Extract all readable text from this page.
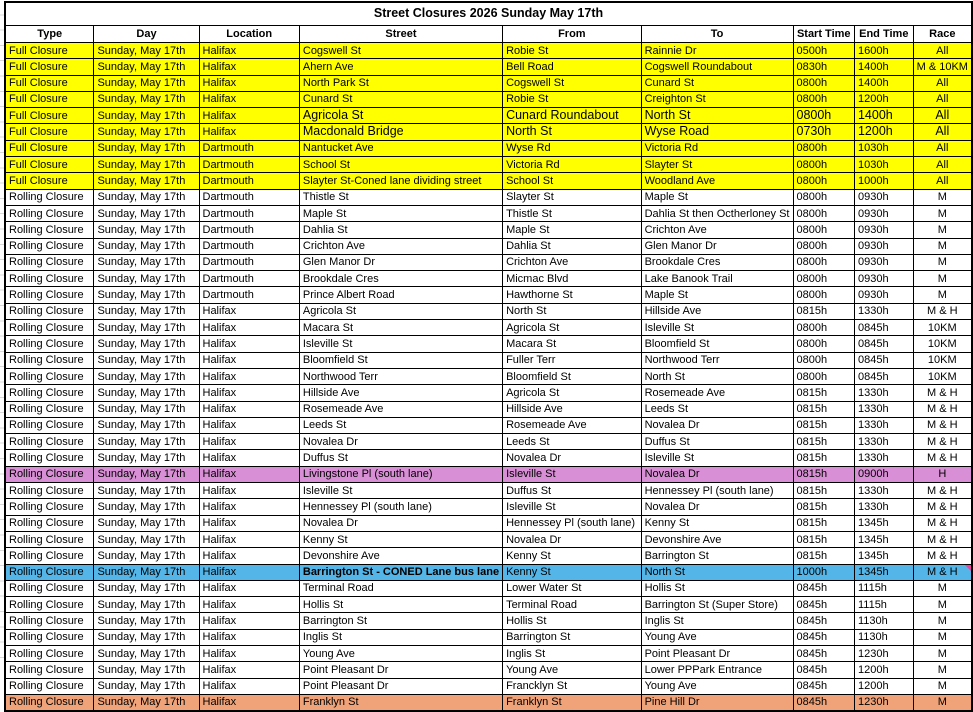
Street Closures 2026 Sunday May 17th								
Type	Day	Location	Street	From	To	Start Time	End Time	Race
Full Closure	Sunday, May 17th	Halifax	Cogswell St	Robie St	Rainnie Dr	0500h	1600h	All
Full Closure	Sunday, May 17th	Halifax	Ahern Ave	Bell Road	Cogswell Roundabout	0830h	1400h	M & 10KM
Full Closure	Sunday, May 17th	Halifax	North Park St	Cogswell St	Cunard St	0800h	1400h	All
Full Closure	Sunday, May 17th	Halifax	Cunard St	Robie St	Creighton St	0800h	1200h	All
Full Closure	Sunday, May 17th	Halifax	Agricola St	Cunard Roundabout	North St	0800h	1400h	All
Full Closure	Sunday, May 17th	Halifax	Macdonald Bridge	North St	Wyse Road	0730h	1200h	All
Full Closure	Sunday, May 17th	Dartmouth	Nantucket Ave	Wyse Rd	Victoria Rd	0800h	1030h	All
Full Closure	Sunday, May 17th	Dartmouth	School St	Victoria Rd	Slayter St	0800h	1030h	All
Full Closure	Sunday, May 17th	Dartmouth	Slayter St-Coned lane dividing street	School St	Woodland Ave	0800h	1000h	All
Rolling Closure	Sunday, May 17th	Dartmouth	Thistle St	Slayter St	Maple St	0800h	0930h	M
Rolling Closure	Sunday, May 17th	Dartmouth	Maple St	Thistle St	Dahlia St then Octherloney St	0800h	0930h	M
Rolling Closure	Sunday, May 17th	Dartmouth	Dahlia St	Maple St	Crichton Ave	0800h	0930h	M
Rolling Closure	Sunday, May 17th	Dartmouth	Crichton Ave	Dahlia St	Glen Manor Dr	0800h	0930h	M
Rolling Closure	Sunday, May 17th	Dartmouth	Glen Manor Dr	Crichton Ave	Brookdale Cres	0800h	0930h	M
Rolling Closure	Sunday, May 17th	Dartmouth	Brookdale Cres	Micmac Blvd	Lake Banook Trail	0800h	0930h	M
Rolling Closure	Sunday, May 17th	Dartmouth	Prince Albert Road	Hawthorne St	Maple St	0800h	0930h	M
Rolling Closure	Sunday, May 17th	Halifax	Agricola St	North St	Hillside Ave	0815h	1330h	M & H
Rolling Closure	Sunday, May 17th	Halifax	Macara St	Agricola St	Isleville St	0800h	0845h	10KM
Rolling Closure	Sunday, May 17th	Halifax	Isleville St	Macara St	Bloomfield St	0800h	0845h	10KM
Rolling Closure	Sunday, May 17th	Halifax	Bloomfield St	Fuller Terr	Northwood Terr	0800h	0845h	10KM
Rolling Closure	Sunday, May 17th	Halifax	Northwood Terr	Bloomfield St	North St	0800h	0845h	10KM
Rolling Closure	Sunday, May 17th	Halifax	Hillside Ave	Agricola St	Rosemeade Ave	0815h	1330h	M & H
Rolling Closure	Sunday, May 17th	Halifax	Rosemeade Ave	Hillside Ave	Leeds St	0815h	1330h	M & H
Rolling Closure	Sunday, May 17th	Halifax	Leeds St	Rosemeade Ave	Novalea Dr	0815h	1330h	M & H
Rolling Closure	Sunday, May 17th	Halifax	Novalea Dr	Leeds St	Duffus St	0815h	1330h	M & H
Rolling Closure	Sunday, May 17th	Halifax	Duffus St	Novalea Dr	Isleville St	0815h	1330h	M & H
Rolling Closure	Sunday, May 17th	Halifax	Livingstone Pl (south lane)	Isleville St	Novalea Dr	0815h	0900h	H
Rolling Closure	Sunday, May 17th	Halifax	Isleville St	Duffus St	Hennessey Pl (south lane)	0815h	1330h	M & H
Rolling Closure	Sunday, May 17th	Halifax	Hennessey Pl (south lane)	Isleville St	Novalea Dr	0815h	1330h	M & H
Rolling Closure	Sunday, May 17th	Halifax	Novalea Dr	Hennessey Pl (south lane)	Kenny St	0815h	1345h	M & H
Rolling Closure	Sunday, May 17th	Halifax	Kenny St	Novalea Dr	Devonshire Ave	0815h	1345h	M & H
Rolling Closure	Sunday, May 17th	Halifax	Devonshire Ave	Kenny St	Barrington St	0815h	1345h	M & H
Rolling Closure	Sunday, May 17th	Halifax	Barrington St - CONED Lane bus lane	Kenny St	North St	1000h	1345h	M & H

Rolling Closure	Sunday, May 17th	Halifax	Terminal Road	Lower Water St	Hollis St	0845h	1115h	M
Rolling Closure	Sunday, May 17th	Halifax	Hollis St	Terminal Road	Barrington St (Super Store)	0845h	1115h	M
Rolling Closure	Sunday, May 17th	Halifax	Barrington St	Hollis St	Inglis St	0845h	1130h	M
Rolling Closure	Sunday, May 17th	Halifax	Inglis St	Barrington St	Young Ave	0845h	1130h	M
Rolling Closure	Sunday, May 17th	Halifax	Young Ave	Inglis St	Point Pleasant Dr	0845h	1230h	M
Rolling Closure	Sunday, May 17th	Halifax	Point Pleasant Dr	Young Ave	Lower PPPark Entrance	0845h	1200h	M
Rolling Closure	Sunday, May 17th	Halifax	Point Pleasant Dr	Francklyn St	Young Ave	0845h	1200h	M
Rolling Closure	Sunday, May 17th	Halifax	Franklyn St	Franklyn St	Pine Hill Dr	0845h	1230h	M
